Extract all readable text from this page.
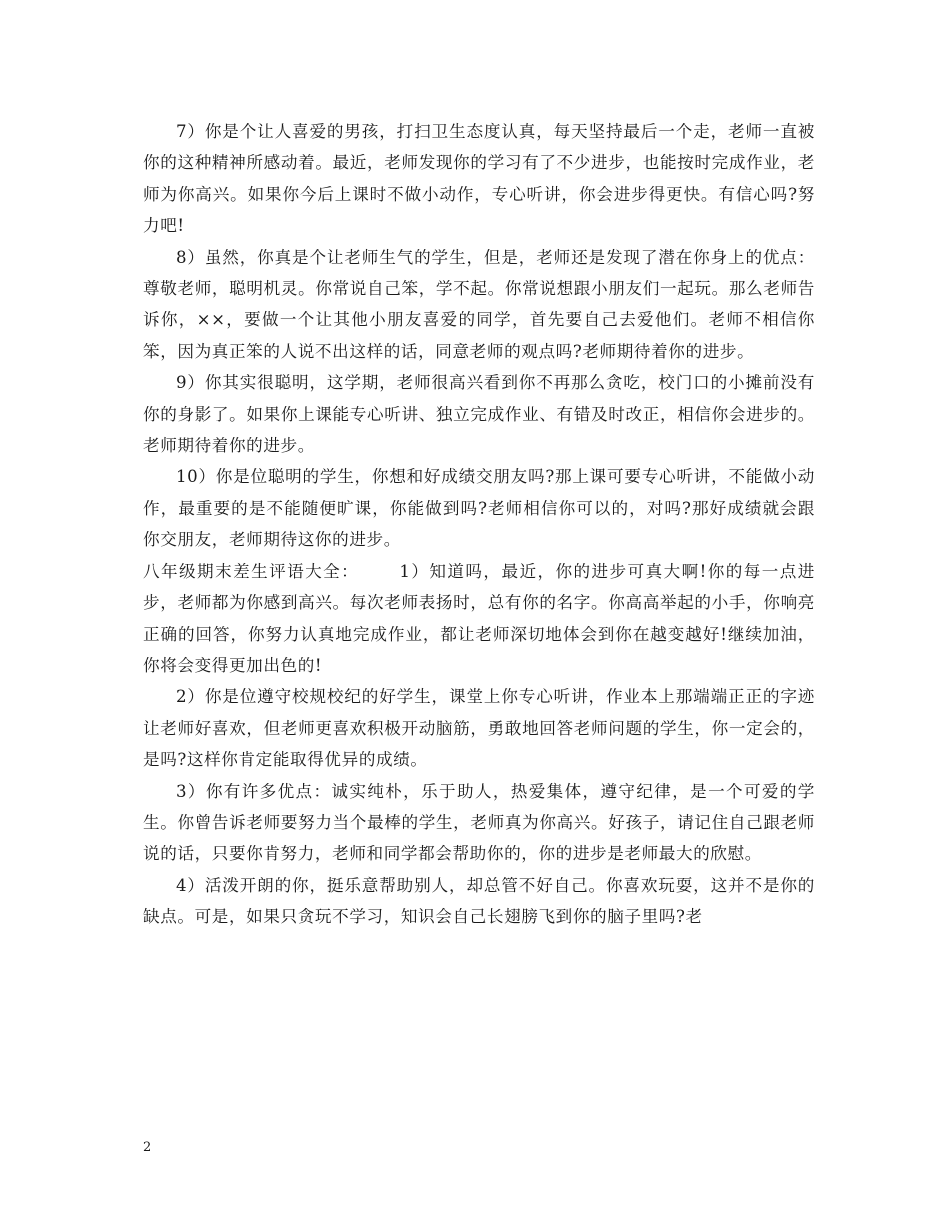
7）你是个让人喜爱的男孩，打扫卫生态度认真，每天坚持最后一个走，老师一直被你的这种精神所感动着。最近，老师发现你的学习有了不少进步，也能按时完成作业，老师为你高兴。如果你今后上课时不做小动作，专心听讲，你会进步得更快。有信心吗?努力吧!

8）虽然，你真是个让老师生气的学生，但是，老师还是发现了潜在你身上的优点：尊敬老师，聪明机灵。你常说自己笨，学不起。你常说想跟小朋友们一起玩。那么老师告诉你，××，要做一个让其他小朋友喜爱的同学，首先要自己去爱他们。老师不相信你笨，因为真正笨的人说不出这样的话，同意老师的观点吗?老师期待着你的进步。

9）你其实很聪明，这学期，老师很高兴看到你不再那么贪吃，校门口的小摊前没有你的身影了。如果你上课能专心听讲、独立完成作业、有错及时改正，相信你会进步的。老师期待着你的进步。

10）你是位聪明的学生，你想和好成绩交朋友吗?那上课可要专心听讲，不能做小动作，最重要的是不能随便旷课，你能做到吗?老师相信你可以的，对吗?那好成绩就会跟你交朋友，老师期待这你的进步。

八年级期末差生评语大全：      1）知道吗，最近，你的进步可真大啊!你的每一点进步，老师都为你感到高兴。每次老师表扬时，总有你的名字。你高高举起的小手，你响亮正确的回答，你努力认真地完成作业，都让老师深切地体会到你在越变越好!继续加油，你将会变得更加出色的!

2）你是位遵守校规校纪的好学生，课堂上你专心听讲，作业本上那端端正正的字迹让老师好喜欢，但老师更喜欢积极开动脑筋，勇敢地回答老师问题的学生，你一定会的，是吗?这样你肯定能取得优异的成绩。

3）你有许多优点：诚实纯朴，乐于助人，热爱集体，遵守纪律，是一个可爱的学生。你曾告诉老师要努力当个最棒的学生，老师真为你高兴。好孩子，请记住自己跟老师说的话，只要你肯努力，老师和同学都会帮助你的，你的进步是老师最大的欣慰。

4）活泼开朗的你，挺乐意帮助别人，却总管不好自己。你喜欢玩耍，这并不是你的缺点。可是，如果只贪玩不学习，知识会自己长翅膀飞到你的脑子里吗?老

2
